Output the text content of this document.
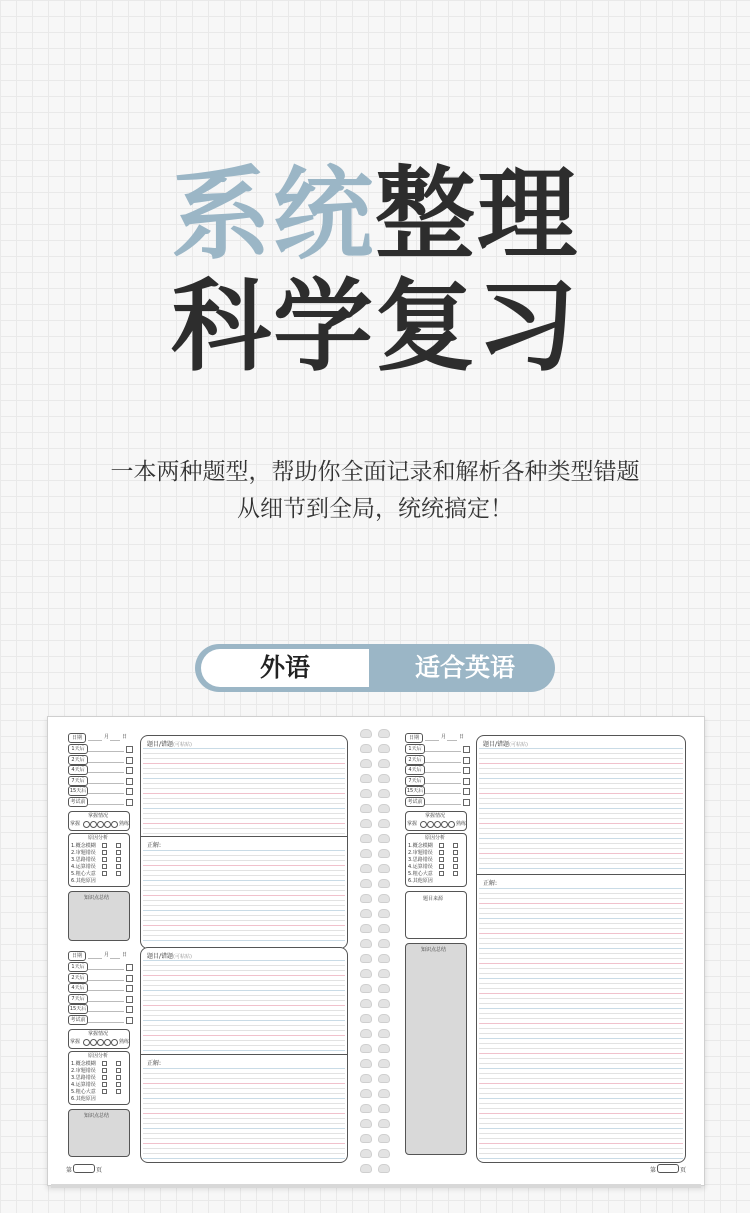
系统整理
科学复习
一本两种题型，帮助你全面记录和解析各种类型错题
从细节到全局，统统搞定！
外语	适合英语
日期	月	日
1天后
2天后
4天后
7天后
15天后
考试前
掌握情况
掌握	熟练
原因分析
1.概念模糊
2.审题错误
3.思路错误
4.运算错误
5.粗心大意
6.其他原因
知识点总结
题目/错题(可粘贴)
正解:
日期	月	日
1天后
2天后
4天后
7天后
15天后
考试前
掌握情况
掌握	熟练
原因分析
1.概念模糊
2.审题错误
3.思路错误
4.运算错误
5.粗心大意
6.其他原因
知识点总结
题目/错题(可粘贴)
正解:
日期	月	日
1天后
2天后
4天后
7天后
15天后
考试前
掌握情况
掌握	熟练
原因分析
1.概念模糊
2.审题错误
3.思路错误
4.运算错误
5.粗心大意
6.其他原因
题目来源
知识点总结
题目/错题(可粘贴)
正解:
第	页	第	页
